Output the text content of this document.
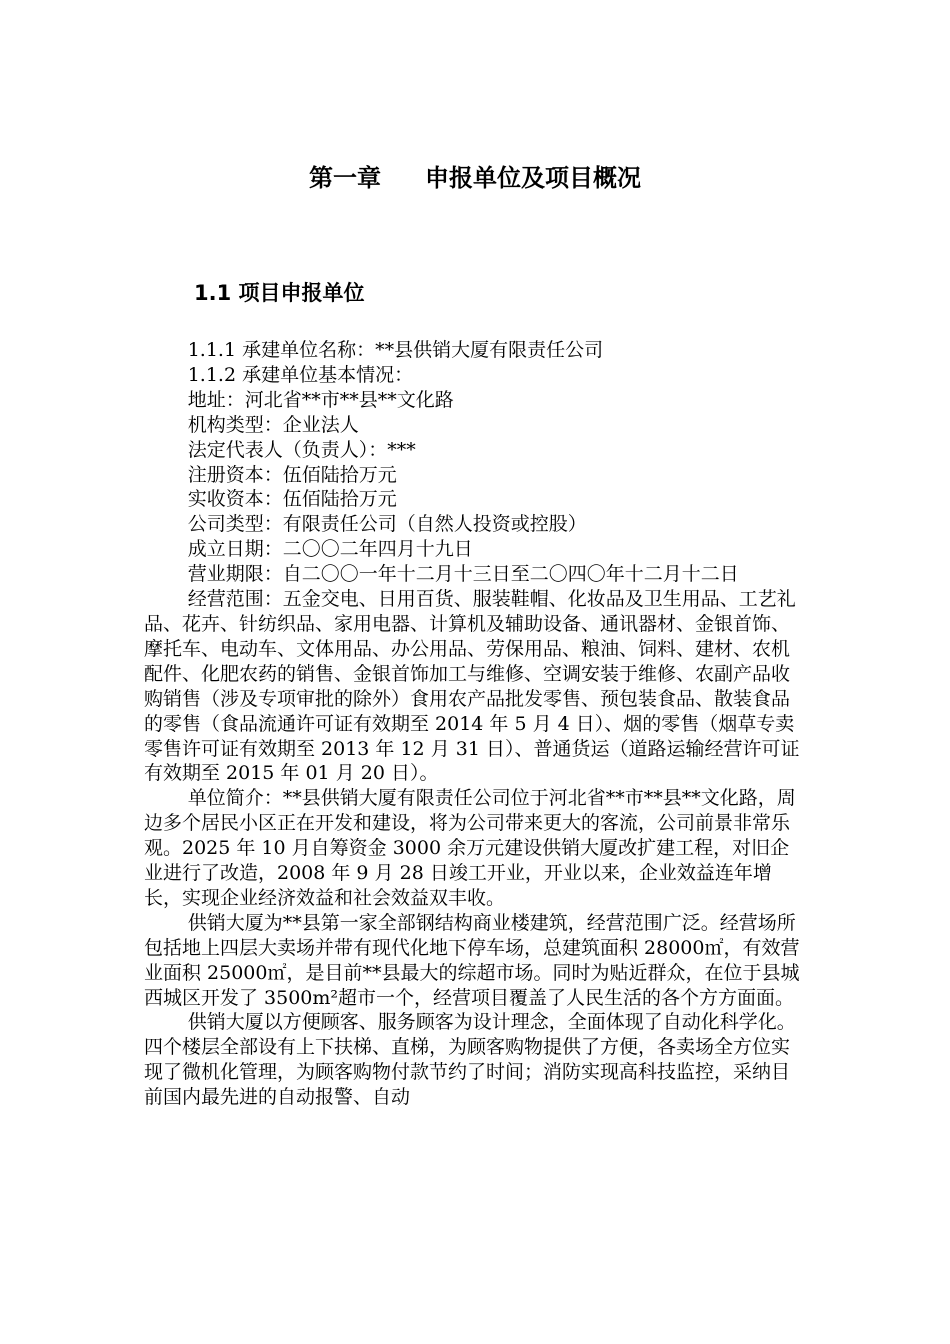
第一章 申报单位及项目概况
1.1 项目申报单位

1.1.1 承建单位名称：**县供销大厦有限责任公司

1.1.2 承建单位基本情况：

地址：河北省**市**县**文化路

机构类型：企业法人

法定代表人（负责人）：***

注册资本：伍佰陆拾万元

实收资本：伍佰陆拾万元

公司类型：有限责任公司（自然人投资或控股）

成立日期：二〇〇二年四月十九日

营业期限：自二〇〇一年十二月十三日至二〇四〇年十二月十二日

经营范围：五金交电、日用百货、服装鞋帽、化妆品及卫生用品、工艺礼品、花卉、针纺织品、家用电器、计算机及辅助设备、通讯器材、金银首饰、摩托车、电动车、文体用品、办公用品、劳保用品、粮油、饲料、建材、农机配件、化肥农药的销售、金银首饰加工与维修、空调安装于维修、农副产品收购销售（涉及专项审批的除外）食用农产品批发零售、预包装食品、散装食品的零售（食品流通许可证有效期至 2014 年 5 月 4 日）、烟的零售（烟草专卖零售许可证有效期至 2013 年 12 月 31 日）、普通货运（道路运输经营许可证有效期至 2015 年 01 月 20 日）。

单位简介：**县供销大厦有限责任公司位于河北省**市**县**文化路，周边多个居民小区正在开发和建设，将为公司带来更大的客流，公司前景非常乐观。2025 年 10 月自筹资金 3000 余万元建设供销大厦改扩建工程，对旧企业进行了改造，2008 年 9 月 28 日竣工开业，开业以来，企业效益连年增长，实现企业经济效益和社会效益双丰收。

供销大厦为**县第一家全部钢结构商业楼建筑，经营范围广泛。经营场所包括地上四层大卖场并带有现代化地下停车场，总建筑面积 28000㎡，有效营业面积 25000㎡，是目前**县最大的综超市场。同时为贴近群众，在位于县城西城区开发了 3500m²超市一个，经营项目覆盖了人民生活的各个方方面面。

供销大厦以方便顾客、服务顾客为设计理念，全面体现了自动化科学化。四个楼层全部设有上下扶梯、直梯，为顾客购物提供了方便，各卖场全方位实现了微机化管理，为顾客购物付款节约了时间；消防实现高科技监控，采纳目前国内最先进的自动报警、自动
